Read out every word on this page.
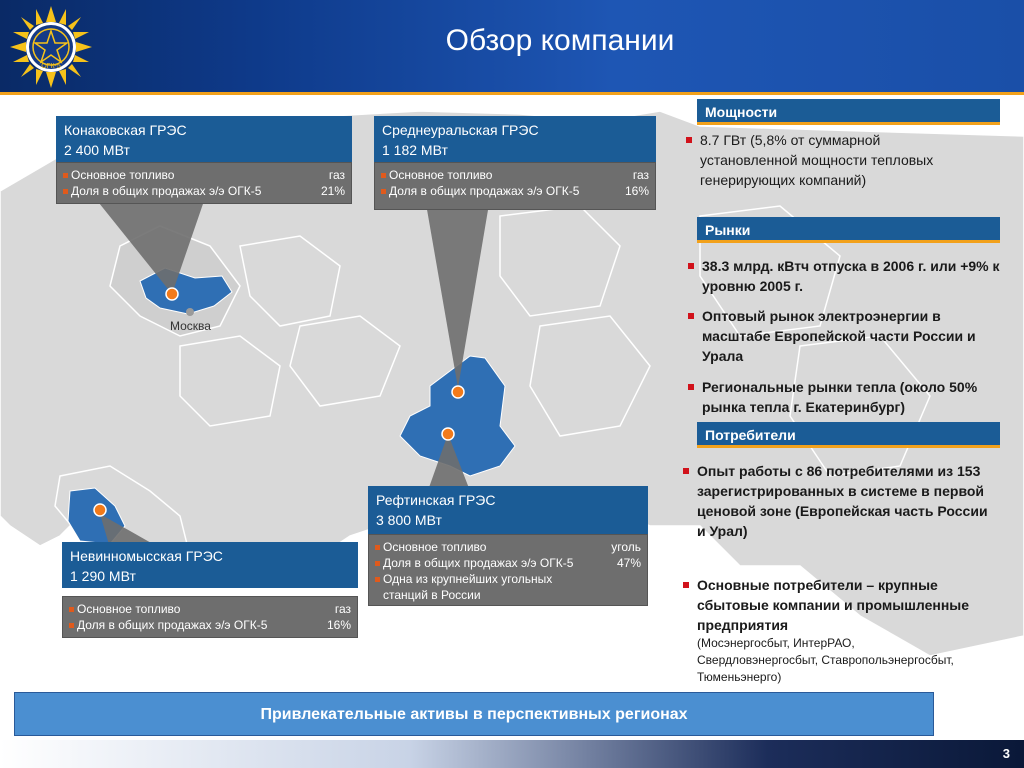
ОГК-5
Обзор компании
Москва
Конаковская ГРЭС
2 400 МВт
Основное топливо	газ
Доля в общих продажах э/э ОГК-5	21%
Среднеуральская ГРЭС
1 182 МВт
Основное топливо	газ
Доля в общих продажах э/э ОГК-5	16%
Рефтинская ГРЭС
3 800 МВт
Основное топливо	уголь
Доля в общих продажах э/э ОГК-5	47%
Одна из крупнейших угольных
станций в России
Невинномысская ГРЭС
1 290 МВт
Основное топливо	газ
Доля в общих продажах э/э ОГК-5	16%
Мощности
8.7 ГВт (5,8% от суммарной установленной мощности тепловых генерирующих компаний)
Рынки
38.3 млрд. кВтч отпуска в 2006 г. или +9% к уровню 2005 г.
Оптовый рынок электроэнергии в масштабе Европейской части России и Урала
Региональные рынки тепла (около 50% рынка тепла г. Екатеринбург)
Потребители
Опыт работы с 86 потребителями из 153 зарегистрированных в системе в первой ценовой зоне (Европейская часть России и Урал)
Основные потребители – крупные сбытовые компании и промышленные предприятия
(Мосэнергосбыт, ИнтерРАО, Свердловэнергосбыт, Ставропольэнергосбыт, Тюменьэнерго)
Привлекательные активы в перспективных регионах
3
